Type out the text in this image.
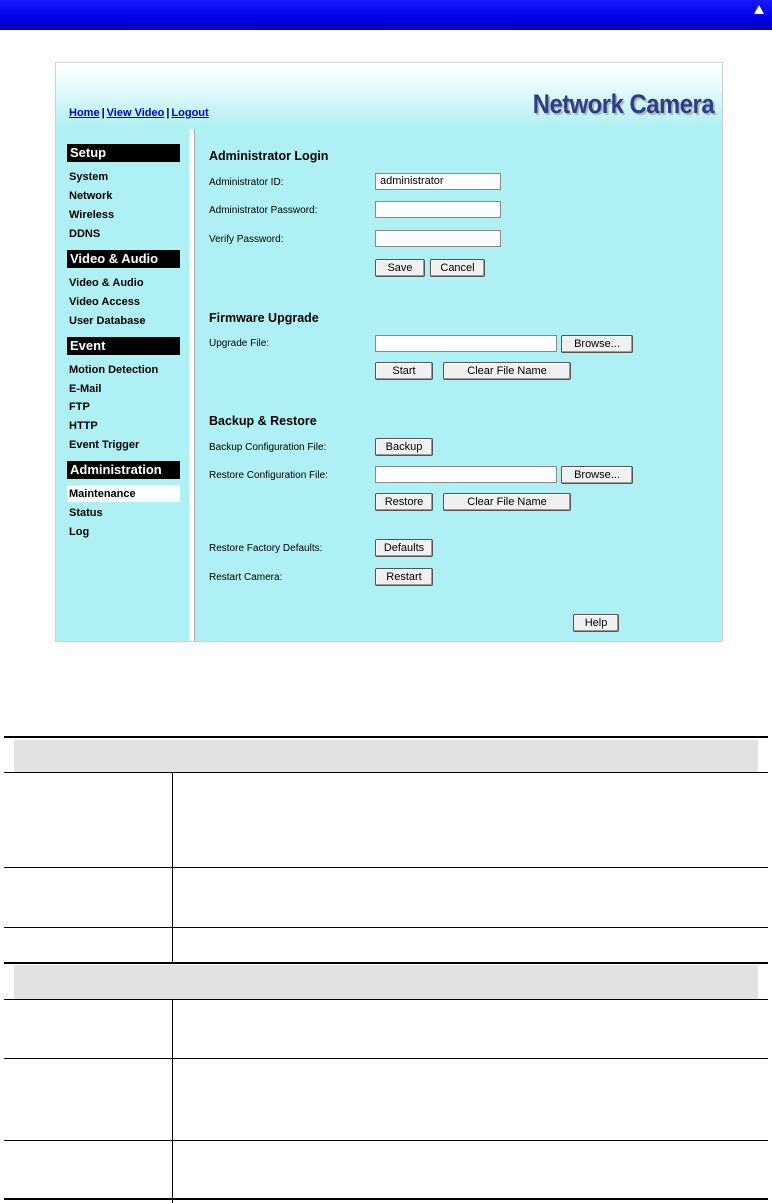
Home | View Video | Logout	Network Camera
Setup
System
Network
Wireless
DDNS
Video & Audio
Video & Audio
Video Access
User Database
Event
Motion Detection
E-Mail
FTP
HTTP
Event Trigger
Administration
Maintenance
Status
Log
Administrator Login
Administrator ID:	administrator
Administrator Password:
Verify Password:
Save	Cancel
Firmware Upgrade
Upgrade File:	Browse...
Start	Clear File Name
Backup & Restore
Backup Configuration File:	Backup
Restore Configuration File:	Browse...
Restore	Clear File Name
Restore Factory Defaults:	Defaults
Restart Camera:	Restart
Help
